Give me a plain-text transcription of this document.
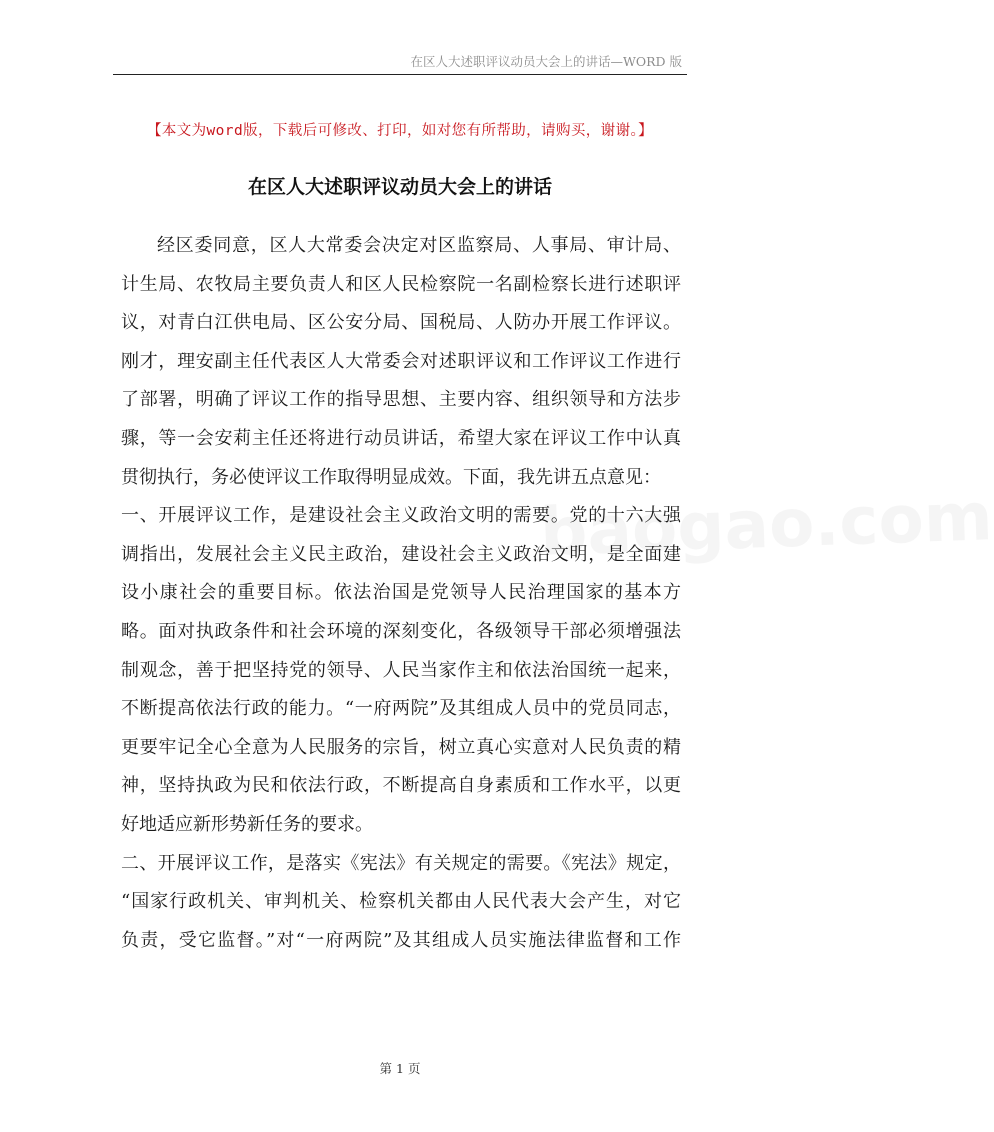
在区人大述职评议动员大会上的讲话—WORD 版
【本文为word版，下载后可修改、打印，如对您有所帮助，请购买，谢谢。】
在区人大述职评议动员大会上的讲话
baogao.com
经区委同意，区人大常委会决定对区监察局、人事局、审计局、
计生局、农牧局主要负责人和区人民检察院一名副检察长进行述职评
议，对青白江供电局、区公安分局、国税局、人防办开展工作评议。
刚才，理安副主任代表区人大常委会对述职评议和工作评议工作进行
了部署，明确了评议工作的指导思想、主要内容、组织领导和方法步
骤，等一会安莉主任还将进行动员讲话，希望大家在评议工作中认真
贯彻执行，务必使评议工作取得明显成效。下面，我先讲五点意见：
一、开展评议工作，是建设社会主义政治文明的需要。党的十六大强
调指出，发展社会主义民主政治，建设社会主义政治文明，是全面建
设小康社会的重要目标。依法治国是党领导人民治理国家的基本方
略。面对执政条件和社会环境的深刻变化，各级领导干部必须增强法
制观念，善于把坚持党的领导、人民当家作主和依法治国统一起来，
不断提高依法行政的能力。“一府两院”及其组成人员中的党员同志，
更要牢记全心全意为人民服务的宗旨，树立真心实意对人民负责的精
神，坚持执政为民和依法行政，不断提高自身素质和工作水平，以更
好地适应新形势新任务的要求。
二、开展评议工作，是落实《宪法》有关规定的需要。《宪法》规定，
“国家行政机关、审判机关、检察机关都由人民代表大会产生，对它
负责，受它监督。”对“一府两院”及其组成人员实施法律监督和工作
第 1 页
